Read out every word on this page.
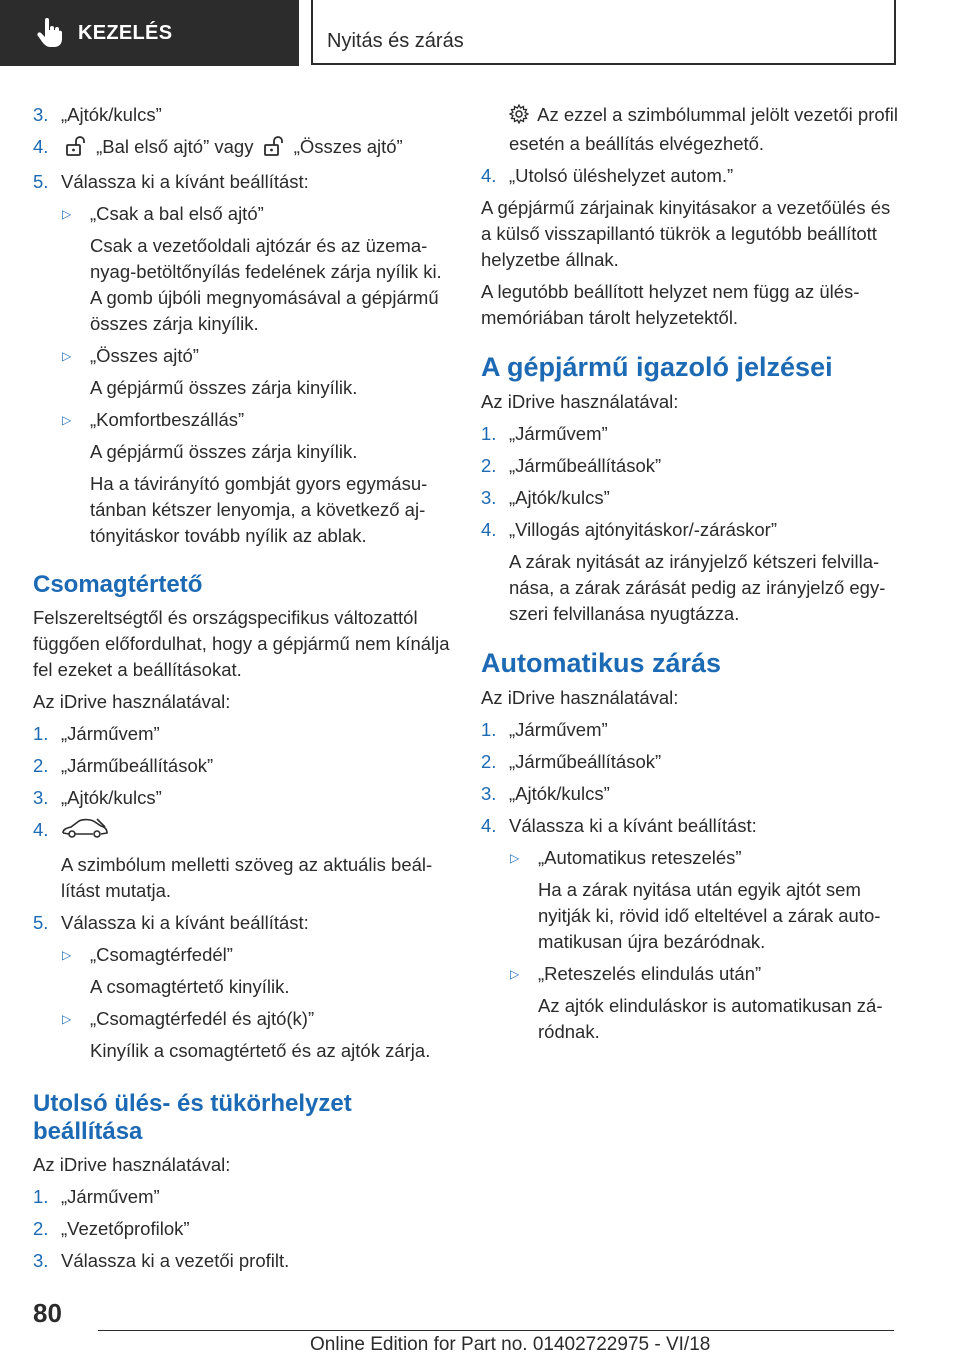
KEZELÉS	Nyitás és zárás
3. „Ajtók/kulcs”
4.	„Bal első ajtó” vagy „Összes ajtó”
5. Válassza ki a kívánt beállítást:
▷ „Csak a bal első ajtó”
Csak a vezetőoldali ajtózár és az üzemanyag-betöltőnyílás fedelének zárja nyílik ki. A gomb újbóli megnyomásával a gépjármű összes zárja kinyílik.
▷ „Összes ajtó”
A gépjármű összes zárja kinyílik.
▷ „Komfortbeszállás”
A gépjármű összes zárja kinyílik.
Ha a távirányító gombját gyors egymásutánban kétszer lenyomja, a következő ajtónyitáskor tovább nyílik az ablak.
Csomagtértető
Felszereltségtől és országspecifikus változattól függően előfordulhat, hogy a gépjármű nem kínálja fel ezeket a beállításokat.
Az iDrive használatával:
1. „Járművem”
2. „Járműbeállítások”
3. „Ajtók/kulcs”
4.
A szimbólum melletti szöveg az aktuális beállítást mutatja.
5. Válassza ki a kívánt beállítást:
▷ „Csomagtérfedél”
A csomagtértető kinyílik.
▷ „Csomagtérfedél és ajtó(k)”
Kinyílik a csomagtértető és az ajtók zárja.
Utolsó ülés- és tükörhelyzet
beállítása
Az iDrive használatával:
1. „Járművem”
2. „Vezetőprofilok”
3. Válassza ki a vezetői profilt.
Az ezzel a szimbólummal jelölt vezetői profil esetén a beállítás elvégezhető.
4. „Utolsó üléshelyzet autom.”
A gépjármű zárjainak kinyitásakor a vezetőülés és a külső visszapillantó tükrök a legutóbb beállított helyzetbe állnak.
A legutóbb beállított helyzet nem függ az ülésmemóriában tárolt helyzetektől.
A gépjármű igazoló jelzései
Az iDrive használatával:
1. „Járművem”
2. „Járműbeállítások”
3. „Ajtók/kulcs”
4. „Villogás ajtónyitáskor/-záráskor”
A zárak nyitását az irányjelző kétszeri felvillanása, a zárak zárását pedig az irányjelző egyszeri felvillanása nyugtázza.
Automatikus zárás
Az iDrive használatával:
1. „Járművem”
2. „Járműbeállítások”
3. „Ajtók/kulcs”
4. Válassza ki a kívánt beállítást:
▷ „Automatikus reteszelés”
Ha a zárak nyitása után egyik ajtót sem nyitják ki, rövid idő elteltével a zárak automatikusan újra bezáródnak.
▷ „Reteszelés elindulás után”
Az ajtók elinduláskor is automatikusan záródnak.
80
Online Edition for Part no. 01402722975 - VI/18
